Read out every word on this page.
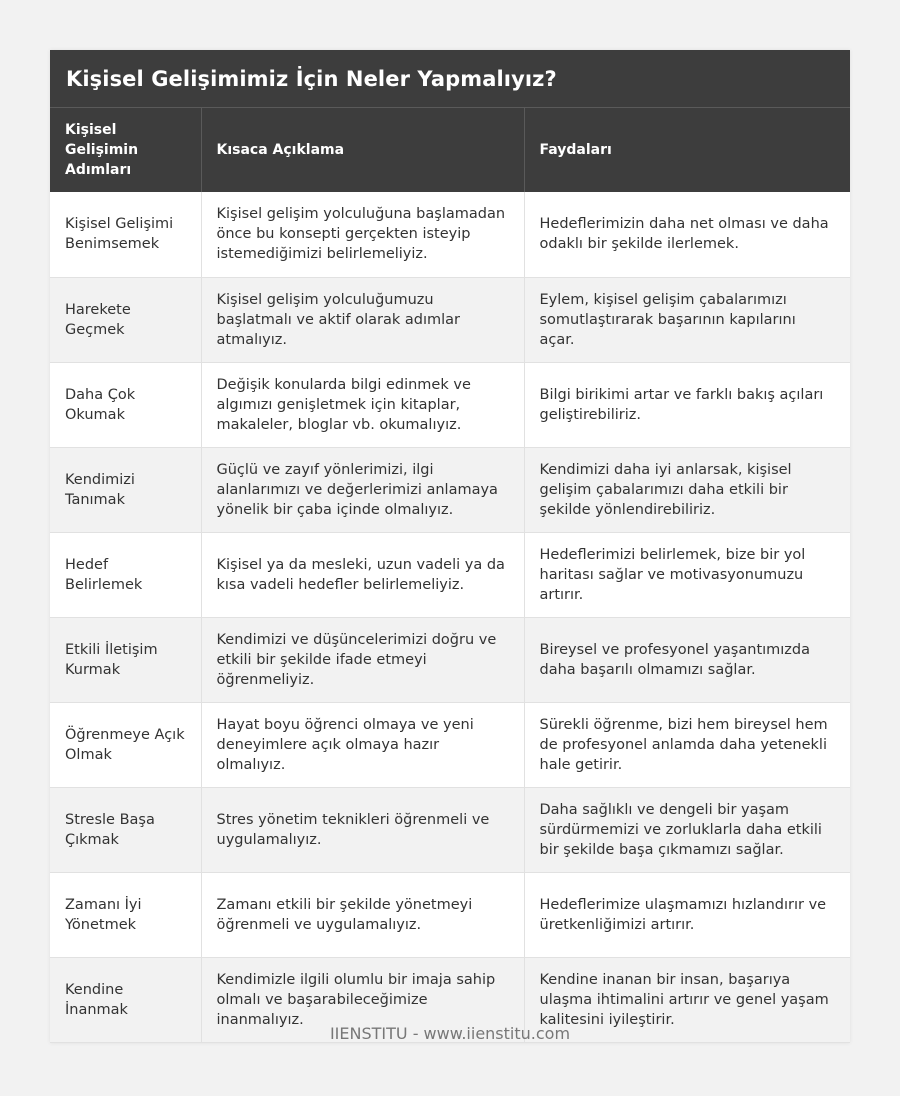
Kişisel Gelişimimiz İçin Neler Yapmalıyız?
Kişisel Gelişimin Adımları	Kısaca Açıklama	Faydaları
Kişisel Gelişimi Benimsemek	Kişisel gelişim yolculuğuna başlamadan önce bu konsepti gerçekten isteyip istemediğimizi belirlemeliyiz.	Hedeflerimizin daha net olması ve daha odaklı bir şekilde ilerlemek.
Harekete Geçmek	Kişisel gelişim yolculuğumuzu başlatmalı ve aktif olarak adımlar atmalıyız.	Eylem, kişisel gelişim çabalarımızı somutlaştırarak başarının kapılarını açar.
Daha Çok Okumak	Değişik konularda bilgi edinmek ve algımızı genişletmek için kitaplar, makaleler, bloglar vb. okumalıyız.	Bilgi birikimi artar ve farklı bakış açıları geliştirebiliriz.
Kendimizi Tanımak	Güçlü ve zayıf yönlerimizi, ilgi alanlarımızı ve değerlerimizi anlamaya yönelik bir çaba içinde olmalıyız.	Kendimizi daha iyi anlarsak, kişisel gelişim çabalarımızı daha etkili bir şekilde yönlendirebiliriz.
Hedef Belirlemek	Kişisel ya da mesleki, uzun vadeli ya da kısa vadeli hedefler belirlemeliyiz.	Hedeflerimizi belirlemek, bize bir yol haritası sağlar ve motivasyonumuzu artırır.
Etkili İletişim Kurmak	Kendimizi ve düşüncelerimizi doğru ve etkili bir şekilde ifade etmeyi öğrenmeliyiz.	Bireysel ve profesyonel yaşantımızda daha başarılı olmamızı sağlar.
Öğrenmeye Açık Olmak	Hayat boyu öğrenci olmaya ve yeni deneyimlere açık olmaya hazır olmalıyız.	Sürekli öğrenme, bizi hem bireysel hem de profesyonel anlamda daha yetenekli hale getirir.
Stresle Başa Çıkmak	Stres yönetim teknikleri öğrenmeli ve uygulamalıyız.	Daha sağlıklı ve dengeli bir yaşam sürdürmemizi ve zorluklarla daha etkili bir şekilde başa çıkmamızı sağlar.
Zamanı İyi Yönetmek	Zamanı etkili bir şekilde yönetmeyi öğrenmeli ve uygulamalıyız.	Hedeflerimize ulaşmamızı hızlandırır ve üretkenliğimizi artırır.
Kendine İnanmak	Kendimizle ilgili olumlu bir imaja sahip olmalı ve başarabileceğimize inanmalıyız.	Kendine inanan bir insan, başarıya ulaşma ihtimalini artırır ve genel yaşam kalitesini iyileştirir.
IIENSTITU - www.iienstitu.com
